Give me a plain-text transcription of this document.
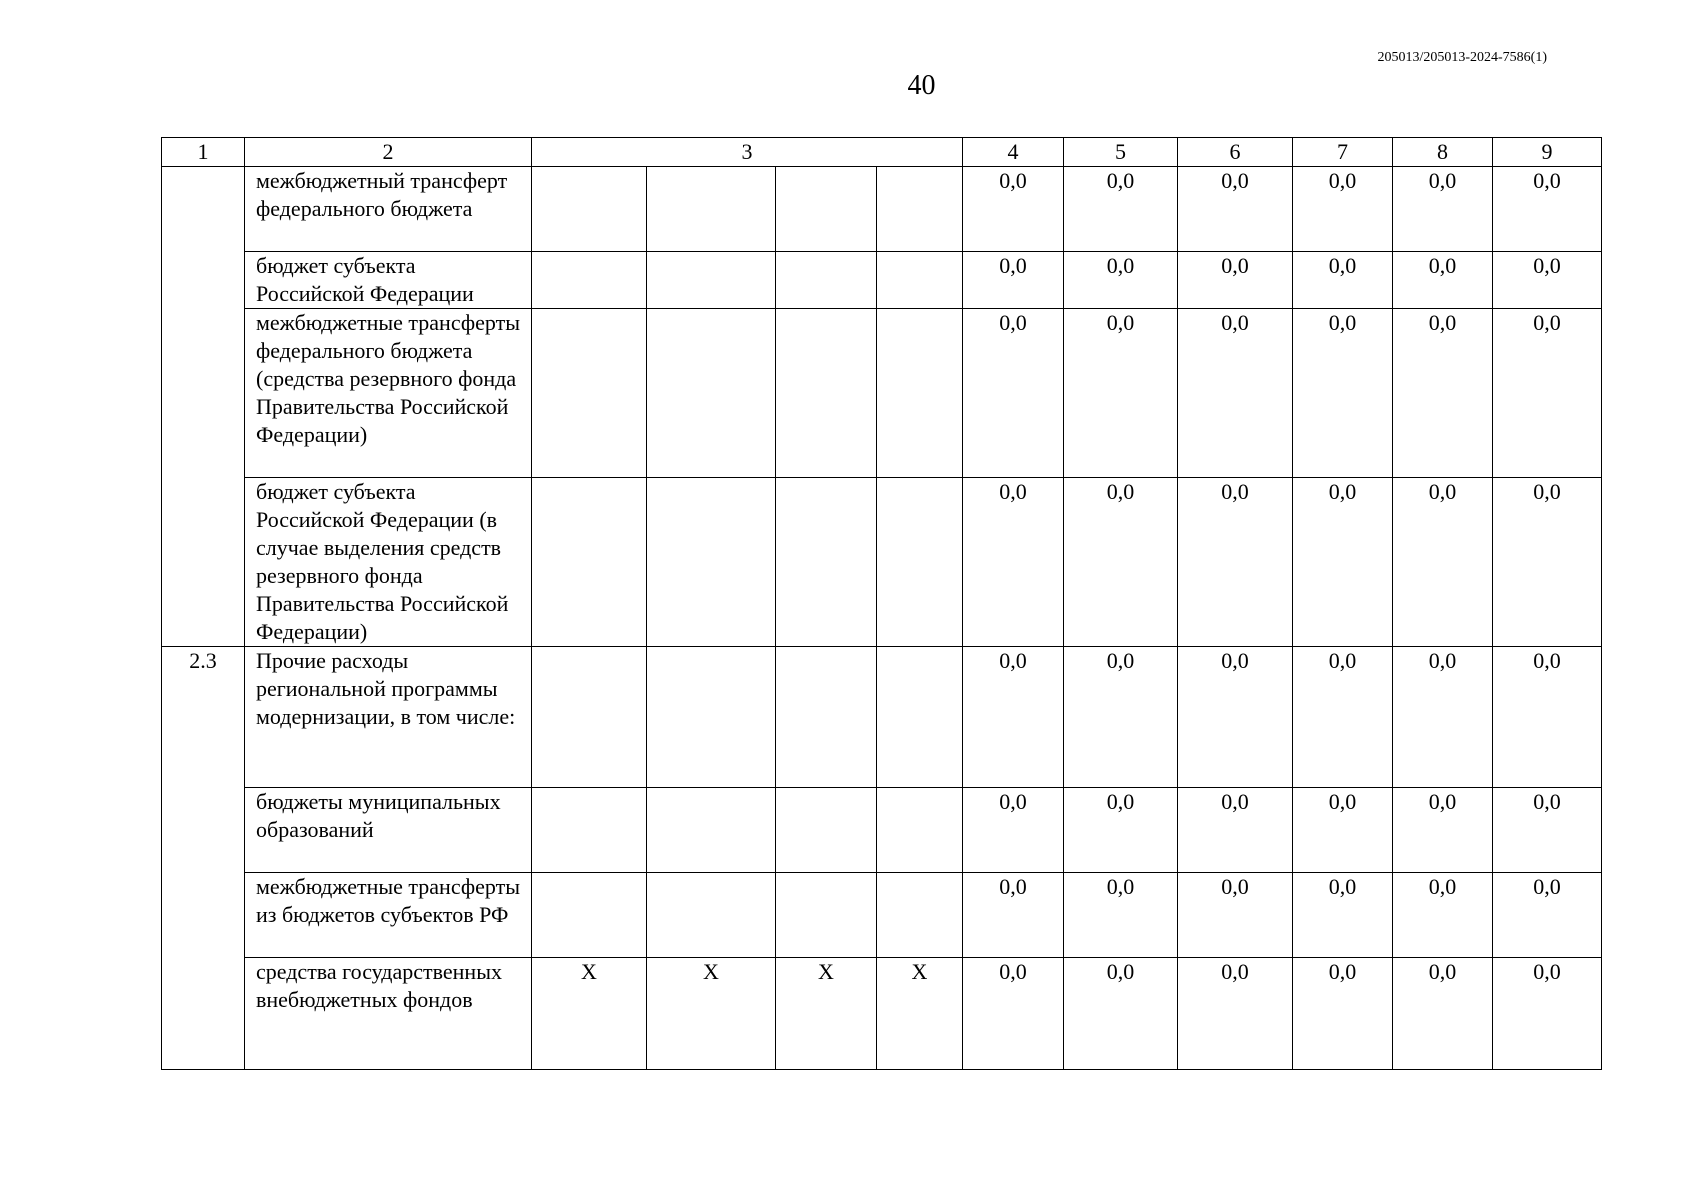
205013/205013-2024-7586(1)
40
1	2	3				4	5	6	7	8	9
	межбюджетный трансферт федерального бюджета					0,0	0,0	0,0	0,0	0,0	0,0
	бюджет субъекта Российской Федерации					0,0	0,0	0,0	0,0	0,0	0,0
	межбюджетные трансферты федерального бюджета (средства резервного фонда Правительства Российской Федерации)					0,0	0,0	0,0	0,0	0,0	0,0
	бюджет субъекта Российской Федерации (в случае выделения средств резервного фонда Правительства Российской Федерации)					0,0	0,0	0,0	0,0	0,0	0,0
2.3	Прочие расходы региональной программы модернизации, в том числе:					0,0	0,0	0,0	0,0	0,0	0,0
	бюджеты муниципальных образований					0,0	0,0	0,0	0,0	0,0	0,0
	межбюджетные трансферты из бюджетов субъектов РФ					0,0	0,0	0,0	0,0	0,0	0,0
	средства государственных внебюджетных фондов	X	X	X	X	0,0	0,0	0,0	0,0	0,0	0,0
